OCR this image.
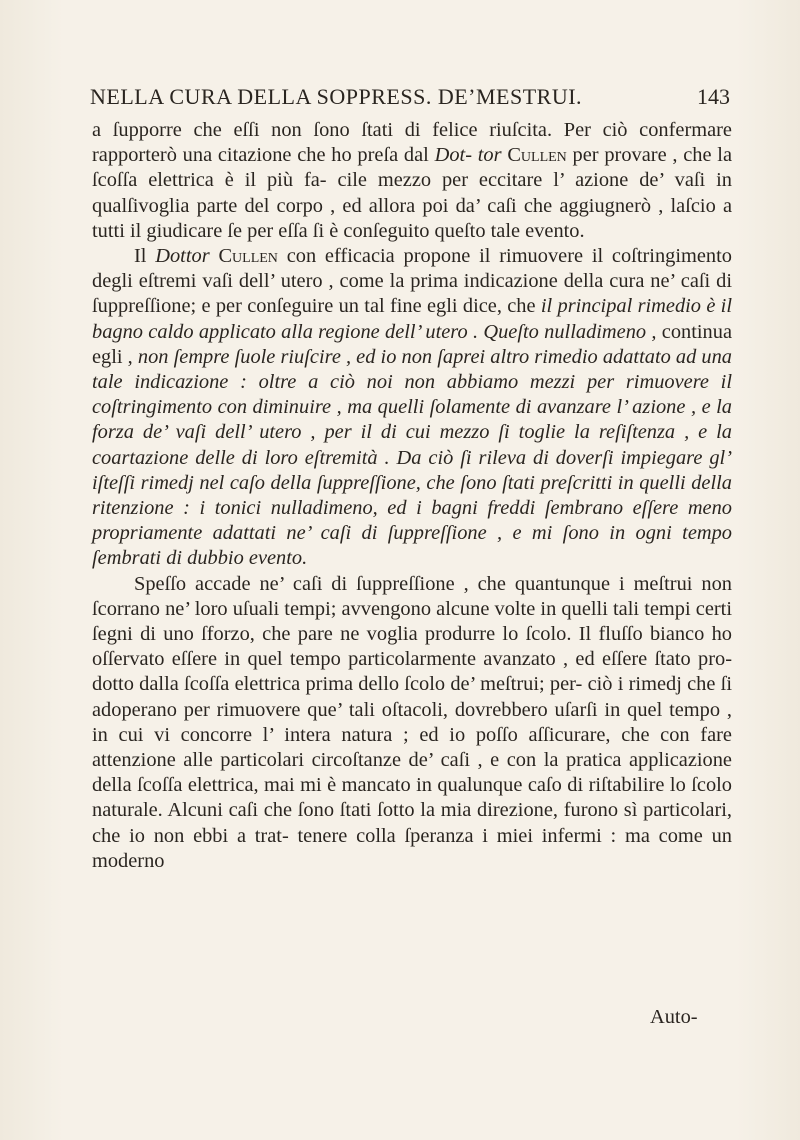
NELLA CURA DELLA SOPPRESS. DE’MESTRUI.	143

a ſupporre che eſſi non ſono ſtati di felice riuſcita. Per ciò confermare rapporterò una citazione che ho preſa dal Dot- tor Cullen per provare , che la ſcoſſa elettrica è il più fa- cile mezzo per eccitare l’ azione de’ vaſi in qualſivoglia parte del corpo , ed allora poi da’ caſi che aggiugnerò , laſcio a tutti il giudicare ſe per eſſa ſi è conſeguito queſto tale evento.

Il Dottor Cullen con efficacia propone il rimuovere il coſtringimento degli eſtremi vaſi dell’ utero , come la prima indicazione della cura ne’ caſi di ſuppreſſione; e per conſeguire un tal fine egli dice, che il principal rimedio è il bagno caldo applicato alla regione dell’ utero . Queſto nulladimeno , continua egli , non ſempre ſuole riuſcire , ed io non ſaprei altro rimedio adattato ad una tale indicazione : oltre a ciò noi non abbiamo mezzi per rimuovere il coſtringimento con diminuire , ma quelli ſolamente di avanzare l’ azione , e la forza de’ vaſi dell’ utero , per il di cui mezzo ſi toglie la reſiſtenza , e la coartazione delle di loro eſtremità . Da ciò ſi rileva di doverſi impiegare gl’ iſteſſi rimedj nel caſo della ſuppreſſione, che ſono ſtati preſcritti in quelli della ritenzione : i tonici nulladimeno, ed i bagni freddi ſembrano eſſere meno propriamente adattati ne’ caſi di ſuppreſſione , e mi ſono in ogni tempo ſembrati di dubbio evento.

Speſſo accade ne’ caſi di ſuppreſſione , che quantunque i meſtrui non ſcorrano ne’ loro uſuali tempi; avvengono alcune volte in quelli tali tempi certi ſegni di uno ſforzo, che pare ne voglia produrre lo ſcolo. Il fluſſo bianco ho oſſervato eſſere in quel tempo particolarmente avanzato , ed eſſere ſtato pro- dotto dalla ſcoſſa elettrica prima dello ſcolo de’ meſtrui; per- ciò i rimedj che ſi adoperano per rimuovere que’ tali oſtacoli, dovrebbero uſarſi in quel tempo , in cui vi concorre l’ intera natura ; ed io poſſo aſſicurare, che con fare attenzione alle particolari circoſtanze de’ caſi , e con la pratica applicazione della ſcoſſa elettrica, mai mi è mancato in qualunque caſo di riſtabilire lo ſcolo naturale. Alcuni caſi che ſono ſtati ſotto la mia direzione, furono sì particolari, che io non ebbi a trat- tenere colla ſperanza i miei infermi : ma come un moderno

Auto-
